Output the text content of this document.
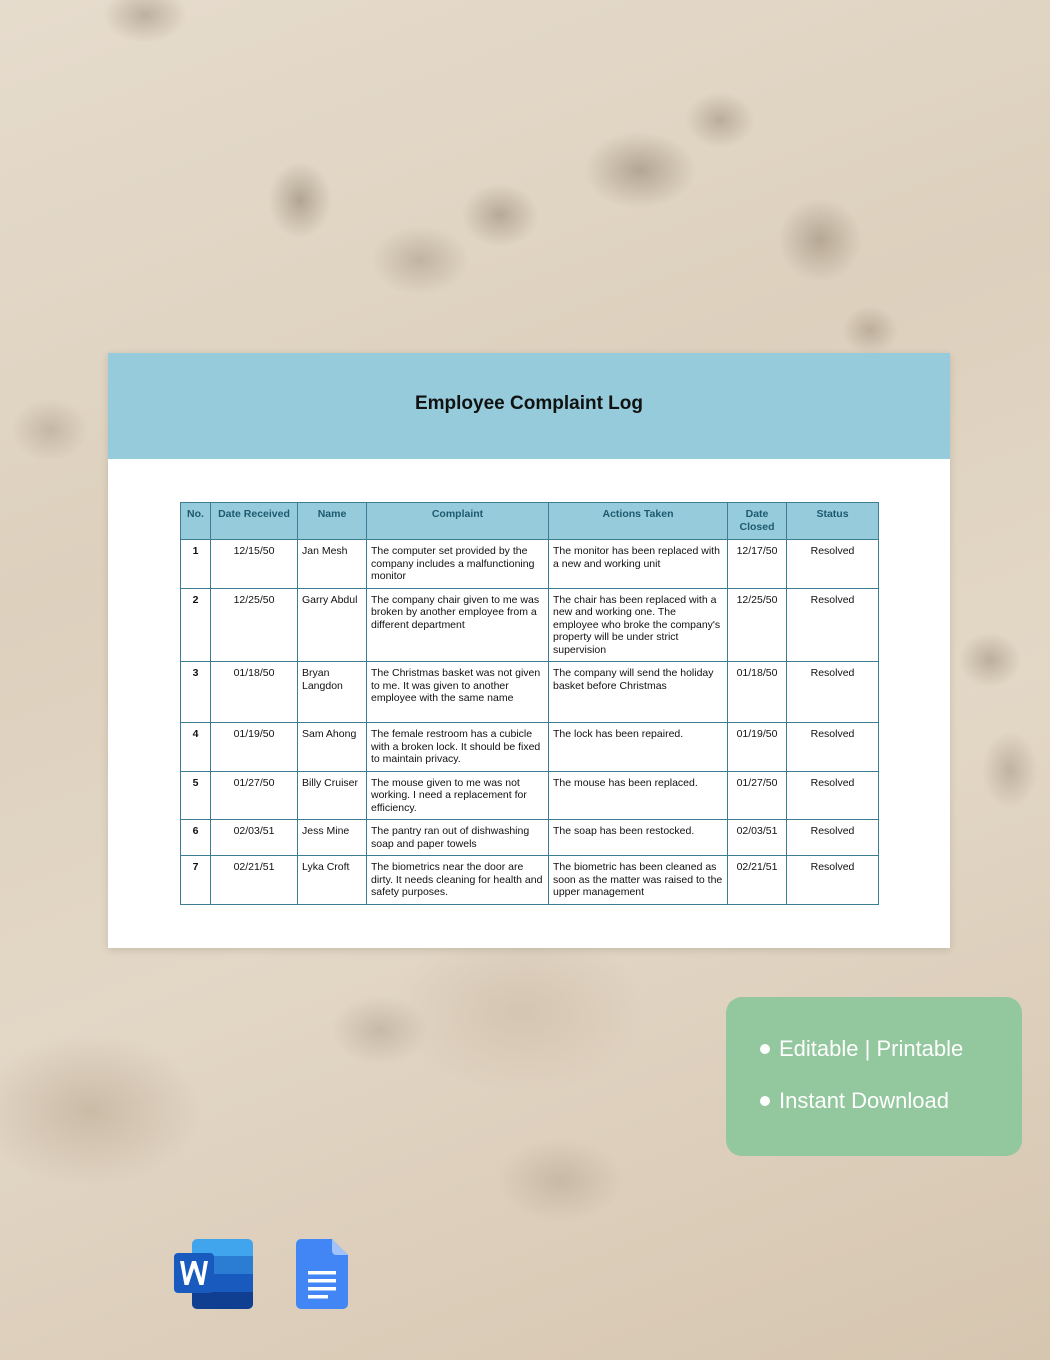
Employee Complaint Log
No.	Date Received	Name	Complaint	Actions Taken	Date Closed	Status
1	12/15/50	Jan Mesh	The computer set provided by the company includes a malfunctioning monitor	The monitor has been replaced with a new and working unit	12/17/50	Resolved
2	12/25/50	Garry Abdul	The company chair given to me was broken by another employee from a different department	The chair has been replaced with a new and working one. The employee who broke the company's property will be under strict supervision	12/25/50	Resolved
3	01/18/50	Bryan Langdon	The Christmas basket was not given to me. It was given to another employee with the same name	The company will send the holiday basket before Christmas	01/18/50	Resolved
4	01/19/50	Sam Ahong	The female restroom has a cubicle with a broken lock. It should be fixed to maintain privacy.	The lock has been repaired.	01/19/50	Resolved
5	01/27/50	Billy Cruiser	The mouse given to me was not working. I need a replacement for efficiency.	The mouse has been replaced.	01/27/50	Resolved
6	02/03/51	Jess Mine	The pantry ran out of dishwashing soap and paper towels	The soap has been restocked.	02/03/51	Resolved
7	02/21/51	Lyka Croft	The biometrics near the door are dirty. It needs cleaning for health and safety purposes.	The biometric has been cleaned as soon as the matter was raised to the upper management	02/21/51	Resolved
Editable | Printable
Instant Download
